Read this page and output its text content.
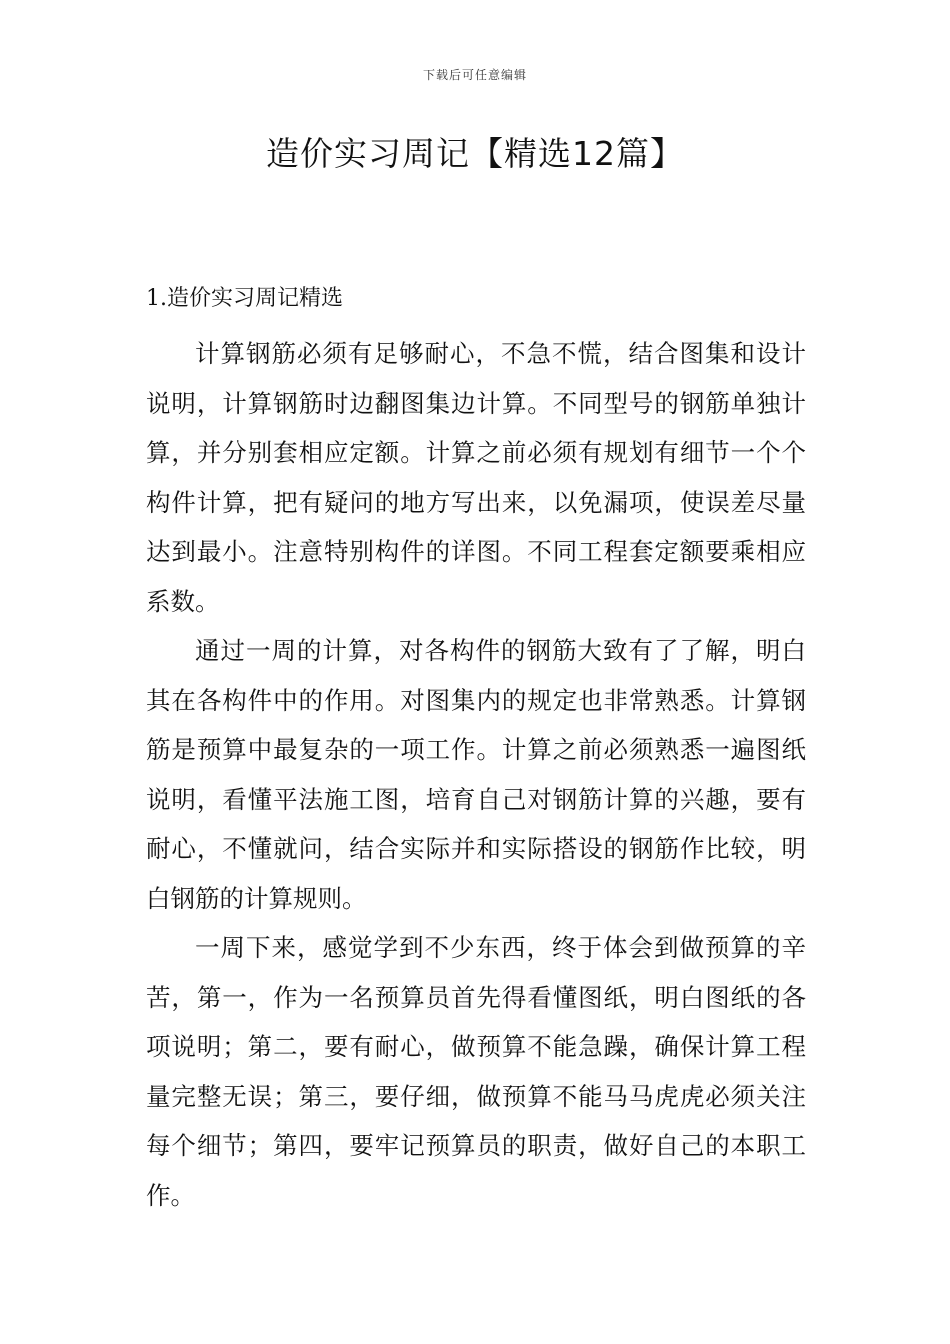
下载后可任意编辑
造价实习周记【精选12篇】
1.造价实习周记精选

计算钢筋必须有足够耐心，不急不慌，结合图集和设计说明，计算钢筋时边翻图集边计算。不同型号的钢筋单独计算，并分别套相应定额。计算之前必须有规划有细节一个个构件计算，把有疑问的地方写出来，以免漏项，使误差尽量达到最小。注意特别构件的详图。不同工程套定额要乘相应系数。

通过一周的计算，对各构件的钢筋大致有了了解，明白其在各构件中的作用。对图集内的规定也非常熟悉。计算钢筋是预算中最复杂的一项工作。计算之前必须熟悉一遍图纸说明，看懂平法施工图，培育自己对钢筋计算的兴趣，要有耐心，不懂就问，结合实际并和实际搭设的钢筋作比较，明白钢筋的计算规则。

一周下来，感觉学到不少东西，终于体会到做预算的辛苦，第一，作为一名预算员首先得看懂图纸，明白图纸的各项说明；第二，要有耐心，做预算不能急躁，确保计算工程量完整无误；第三，要仔细，做预算不能马马虎虎必须关注每个细节；第四，要牢记预算员的职责，做好自己的本职工作。
